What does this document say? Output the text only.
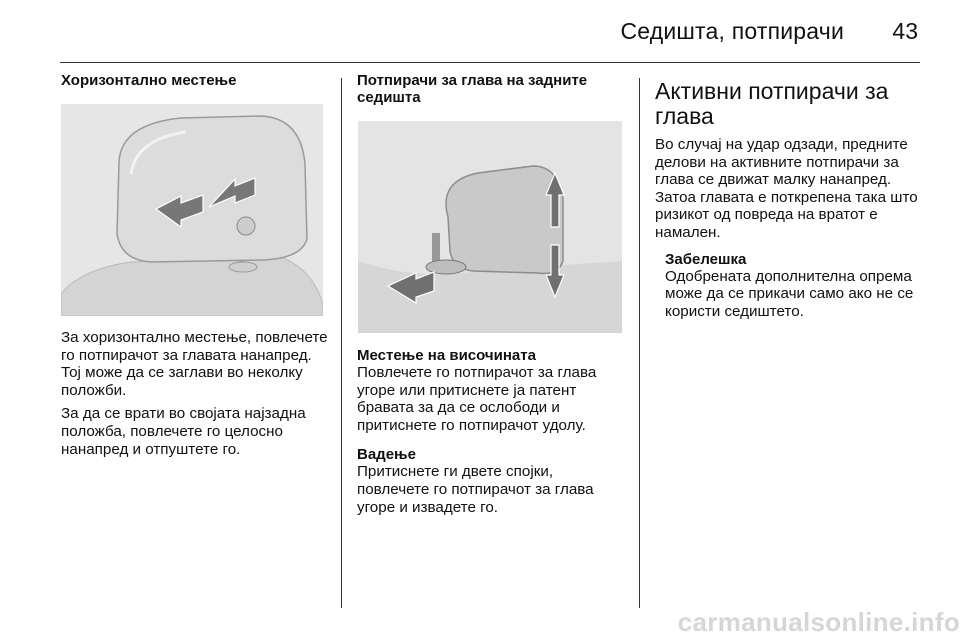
Седишта, потпирачи 43

Хоризонтално местење

За хоризонтално местење, повлечете го потпирачот за главата нанапред. Тој може да се заглави во неколку положби.

За да се врати во својата најзадна положба, повлечете го целосно нанапред и отпуштете го.

Потпирачи за глава на задните седишта

Местење на височината

Повлечете го потпирачот за глава угоре или притиснете ја патент бравата за да се ослободи и притиснете го потпирачот удолу.

Вадење

Притиснете ги двете спојки, повлечете го потпирачот за глава угоре и извадете го.

Активни потпирачи за глава

Во случај на удар одзади, предните делови на активните потпирачи за глава се движат малку нанапред. Затоа главата е поткрепена така што ризикот од повреда на вратот е намален.

Забелешка

Одобрената дополнителна опрема може да се прикачи само ако не се користи седиштето.

carmanualsonline.info
